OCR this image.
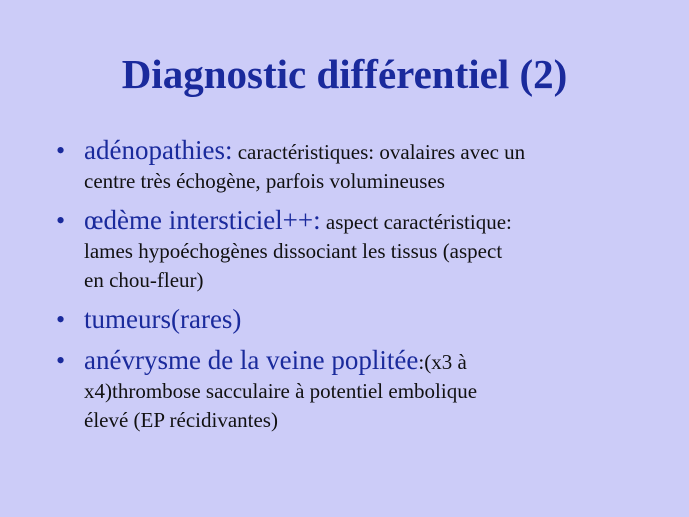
Diagnostic différentiel (2)
• adénopathies: caractéristiques: ovalaires avec un
centre très échogène, parfois volumineuses
• œdème intersticiel++: aspect caractéristique:
lames hypoéchogènes dissociant les tissus (aspect
en chou-fleur)
• tumeurs(rares)
• anévrysme de la veine poplitée:(x3 à
x4)thrombose sacculaire à potentiel embolique
élevé (EP récidivantes)
